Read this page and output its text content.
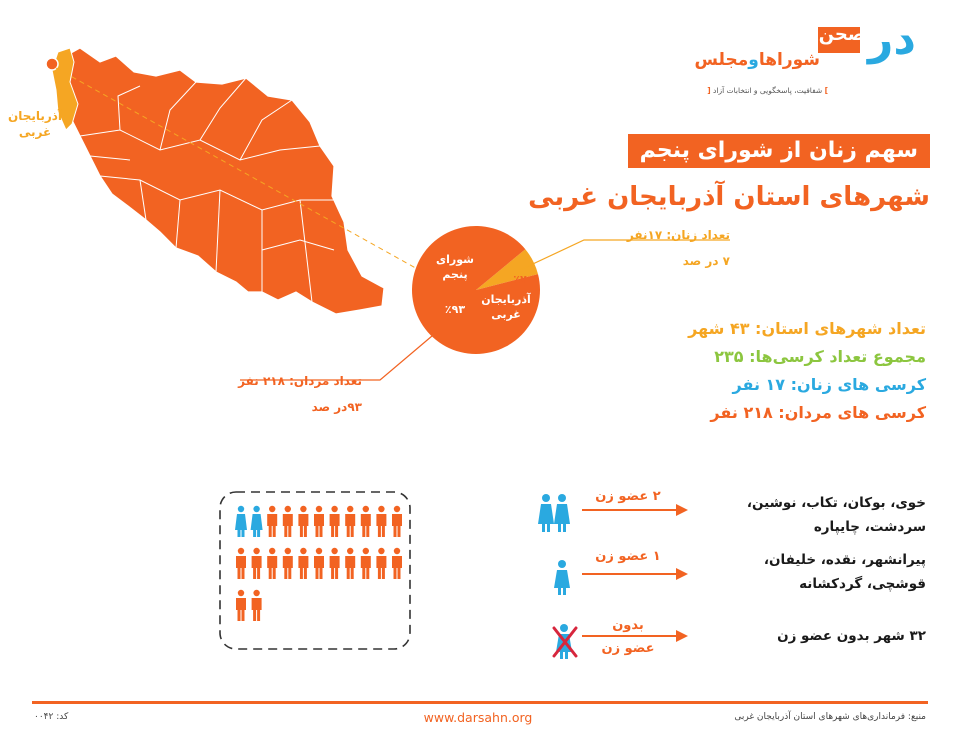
صحن در
شوراهاومجلس
] شفافیت، پاسخگویی و انتخابات آزاد [
سهم زنان از شورای پنجم
شهرهای استان آذربایجان غربی
آذربایجان
غربی
شورای
پنجم
٪۹۳
٪۷
آذربایجان
غربی
تعداد زنان: ۱۷نفر
۷ در صد
تعداد مردان: ۲۱۸ نفر
۹۳در صد
تعداد شهرهای استان: ۴۳ شهر
مجموع تعداد کرسی‌ها: ۲۳۵
کرسی های زنان: ۱۷ نفر
کرسی های مردان: ۲۱۸ نفر
۲ عضو زن	خوی، بوکان، تکاب، نوشین،
سردشت، چایپاره
۱ عضو زن	پیرانشهر، نقده، خلیفان،
قوشچی، گردکشانه
بدون
عضو زن
۳۲ شهر بدون عضو زن
منبع: فرمانداری‌های شهرهای استان آذربایجان غربی
www.darsahn.org
کد: ۰۰۴۲
